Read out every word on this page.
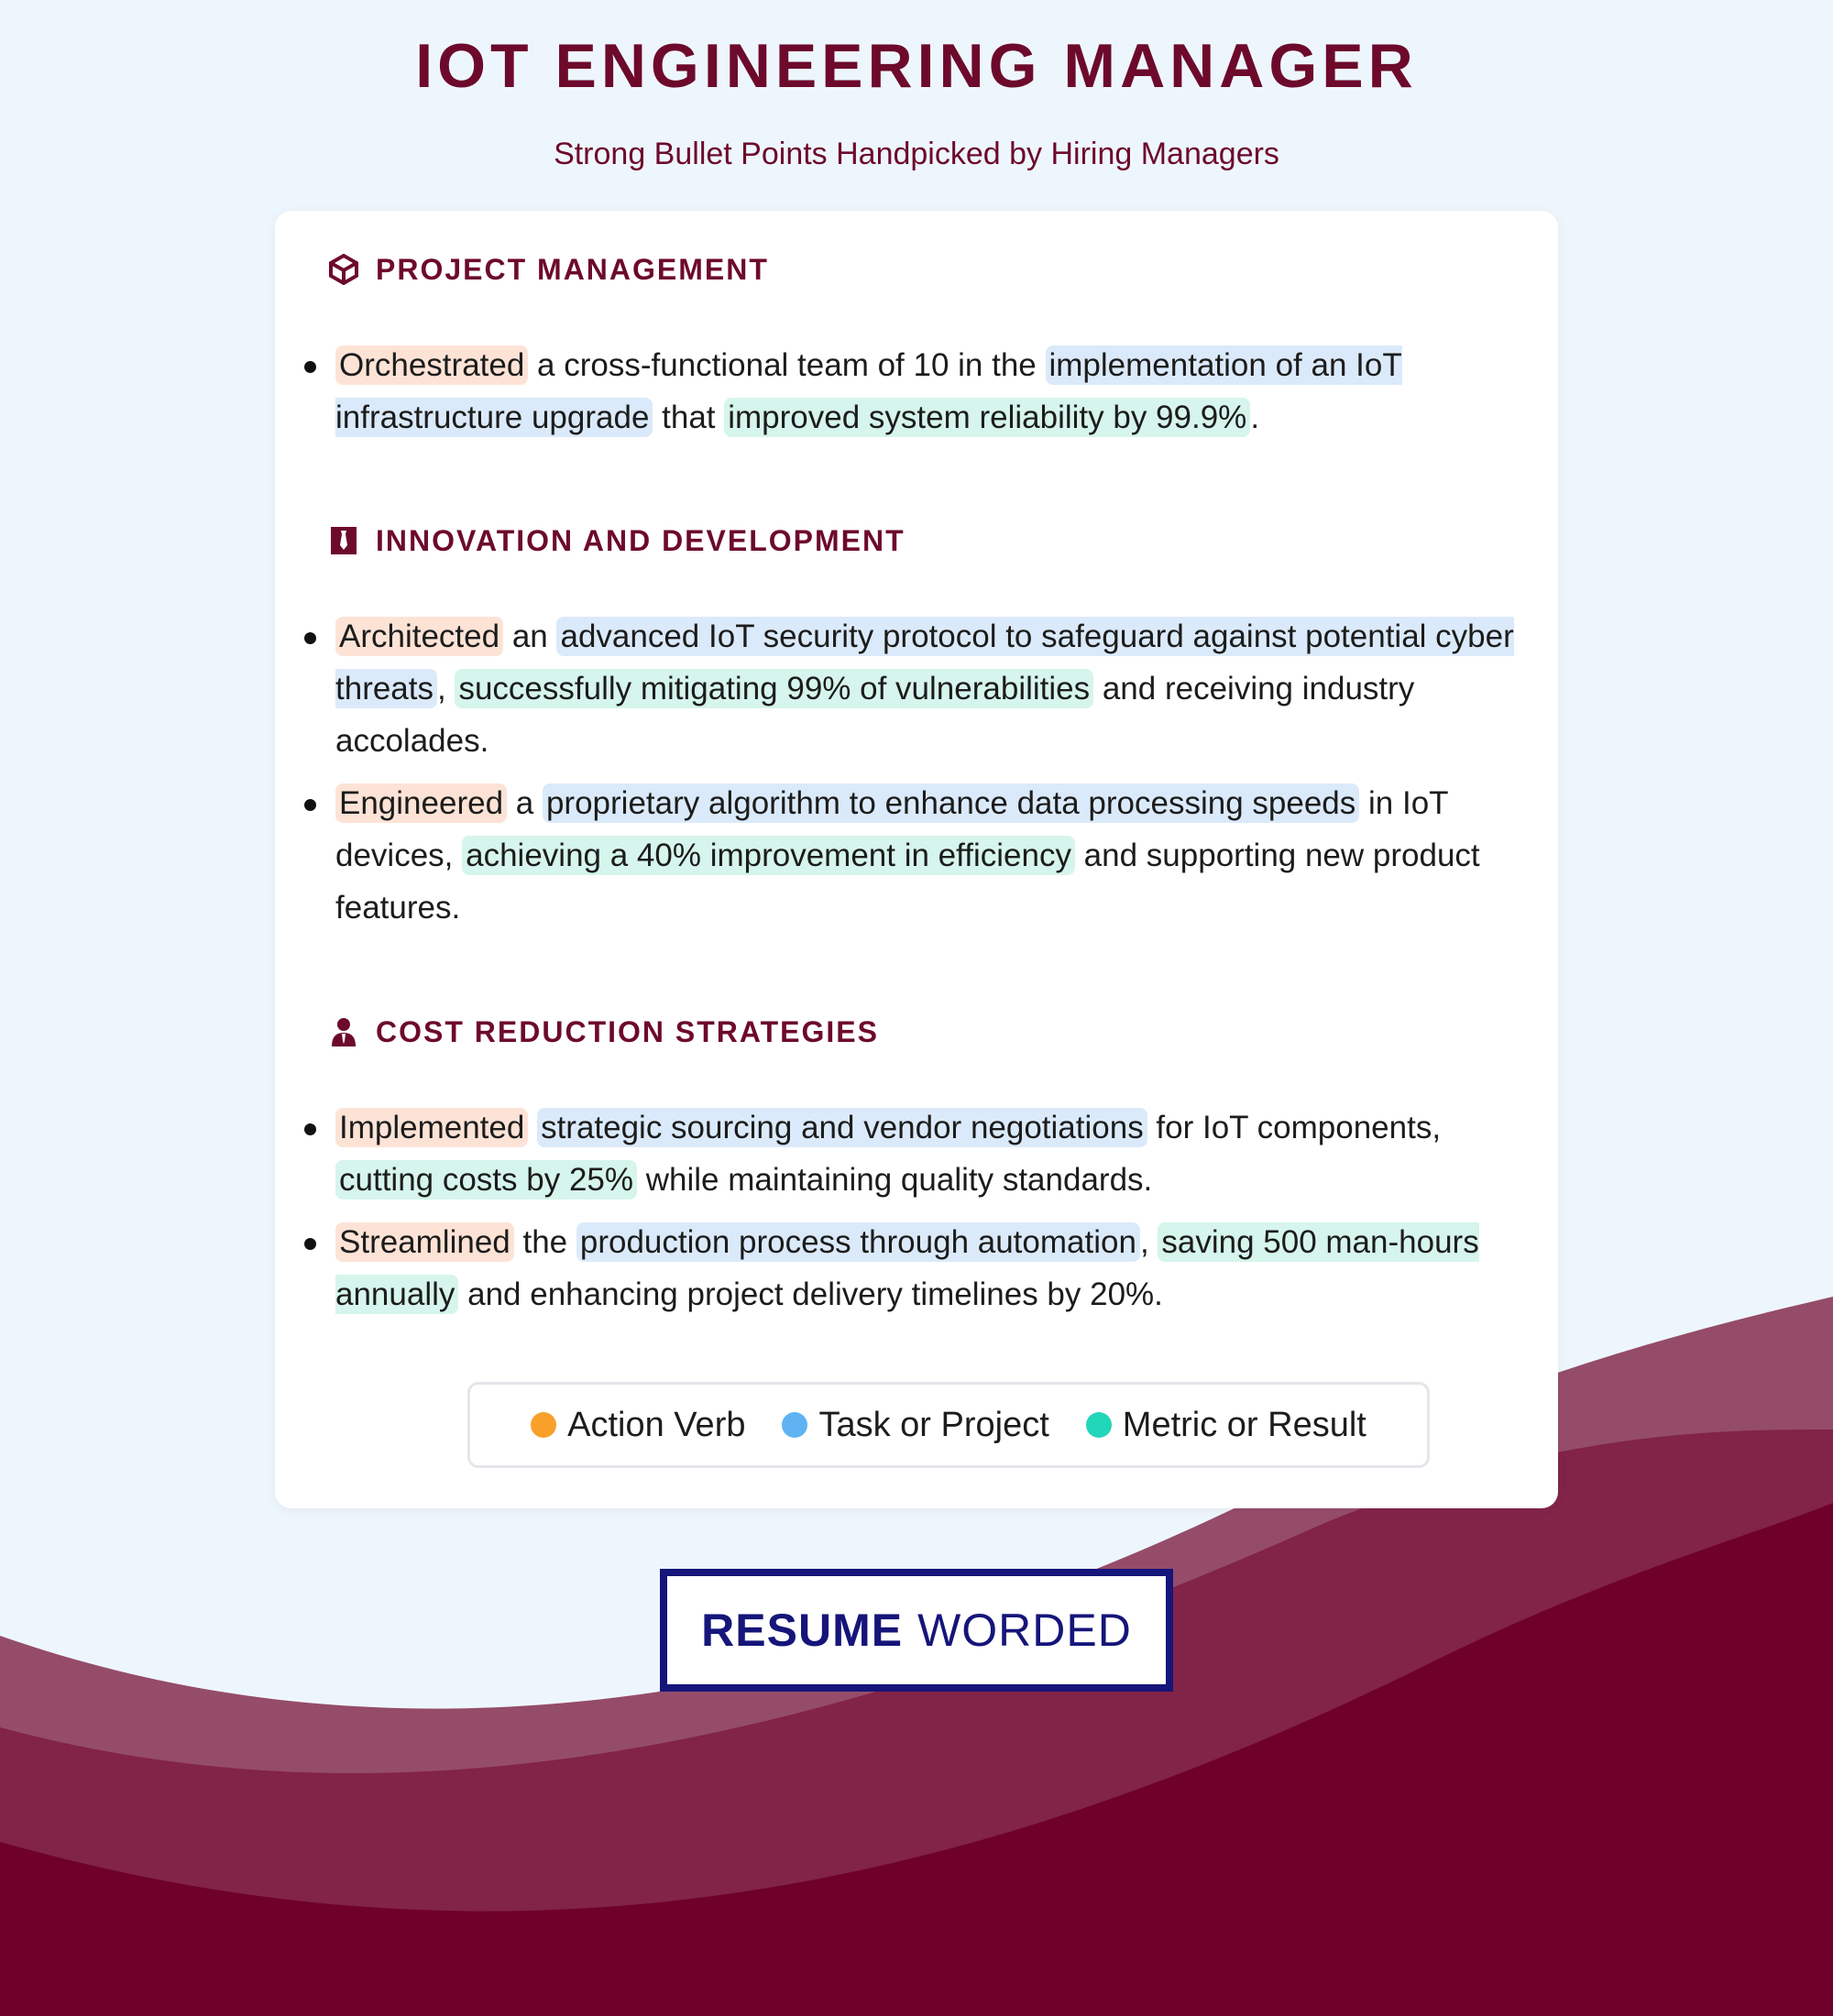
IOT ENGINEERING MANAGER
Strong Bullet Points Handpicked by Hiring Managers
PROJECT MANAGEMENT
Orchestrated a cross-functional team of 10 in the implementation of an IoT infrastructure upgrade that improved system reliability by 99.9% .
INNOVATION AND DEVELOPMENT
Architected an advanced IoT security protocol to safeguard against potential cyber threats , successfully mitigating 99% of vulnerabilities and receiving industry accolades.
Engineered a proprietary algorithm to enhance data processing speeds in IoT devices, achieving a 40% improvement in efficiency and supporting new product features.
COST REDUCTION STRATEGIES
Implemented strategic sourcing and vendor negotiations for IoT components, cutting costs by 25% while maintaining quality standards.
Streamlined the production process through automation , saving 500 man-hours annually and enhancing project delivery timelines by 20%.
Action Verb Task or Project Metric or Result
RESUME WORDED
